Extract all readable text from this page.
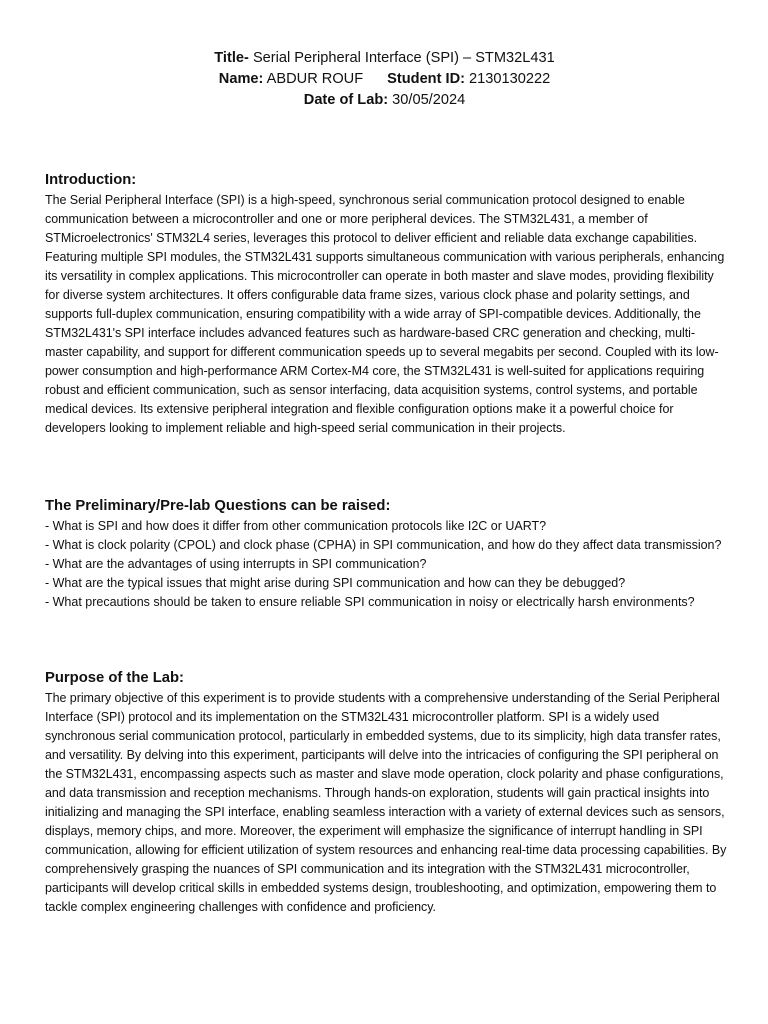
Title- Serial Peripheral Interface (SPI) – STM32L431
Name: ABDUR ROUF Student ID: 2130130222
Date of Lab: 30/05/2024
Introduction:

The Serial Peripheral Interface (SPI) is a high-speed, synchronous serial communication protocol designed to enable communication between a microcontroller and one or more peripheral devices. The STM32L431, a member of STMicroelectronics' STM32L4 series, leverages this protocol to deliver efficient and reliable data exchange capabilities. Featuring multiple SPI modules, the STM32L431 supports simultaneous communication with various peripherals, enhancing its versatility in complex applications. This microcontroller can operate in both master and slave modes, providing flexibility for diverse system architectures. It offers configurable data frame sizes, various clock phase and polarity settings, and supports full-duplex communication, ensuring compatibility with a wide array of SPI-compatible devices. Additionally, the STM32L431's SPI interface includes advanced features such as hardware-based CRC generation and checking, multi-master capability, and support for different communication speeds up to several megabits per second. Coupled with its low-power consumption and high-performance ARM Cortex-M4 core, the STM32L431 is well-suited for applications requiring robust and efficient communication, such as sensor interfacing, data acquisition systems, control systems, and portable medical devices. Its extensive peripheral integration and flexible configuration options make it a powerful choice for developers looking to implement reliable and high-speed serial communication in their projects.

The Preliminary/Pre-lab Questions can be raised:
- What is SPI and how does it differ from other communication protocols like I2C or UART?
- What is clock polarity (CPOL) and clock phase (CPHA) in SPI communication, and how do they affect data transmission?
- What are the advantages of using interrupts in SPI communication?
- What are the typical issues that might arise during SPI communication and how can they be debugged?
- What precautions should be taken to ensure reliable SPI communication in noisy or electrically harsh environments?
Purpose of the Lab:

The primary objective of this experiment is to provide students with a comprehensive understanding of the Serial Peripheral Interface (SPI) protocol and its implementation on the STM32L431 microcontroller platform. SPI is a widely used synchronous serial communication protocol, particularly in embedded systems, due to its simplicity, high data transfer rates, and versatility. By delving into this experiment, participants will delve into the intricacies of configuring the SPI peripheral on the STM32L431, encompassing aspects such as master and slave mode operation, clock polarity and phase configurations, and data transmission and reception mechanisms. Through hands-on exploration, students will gain practical insights into initializing and managing the SPI interface, enabling seamless interaction with a variety of external devices such as sensors, displays, memory chips, and more. Moreover, the experiment will emphasize the significance of interrupt handling in SPI communication, allowing for efficient utilization of system resources and enhancing real-time data processing capabilities. By comprehensively grasping the nuances of SPI communication and its integration with the STM32L431 microcontroller, participants will develop critical skills in embedded systems design, troubleshooting, and optimization, empowering them to tackle complex engineering challenges with confidence and proficiency.
